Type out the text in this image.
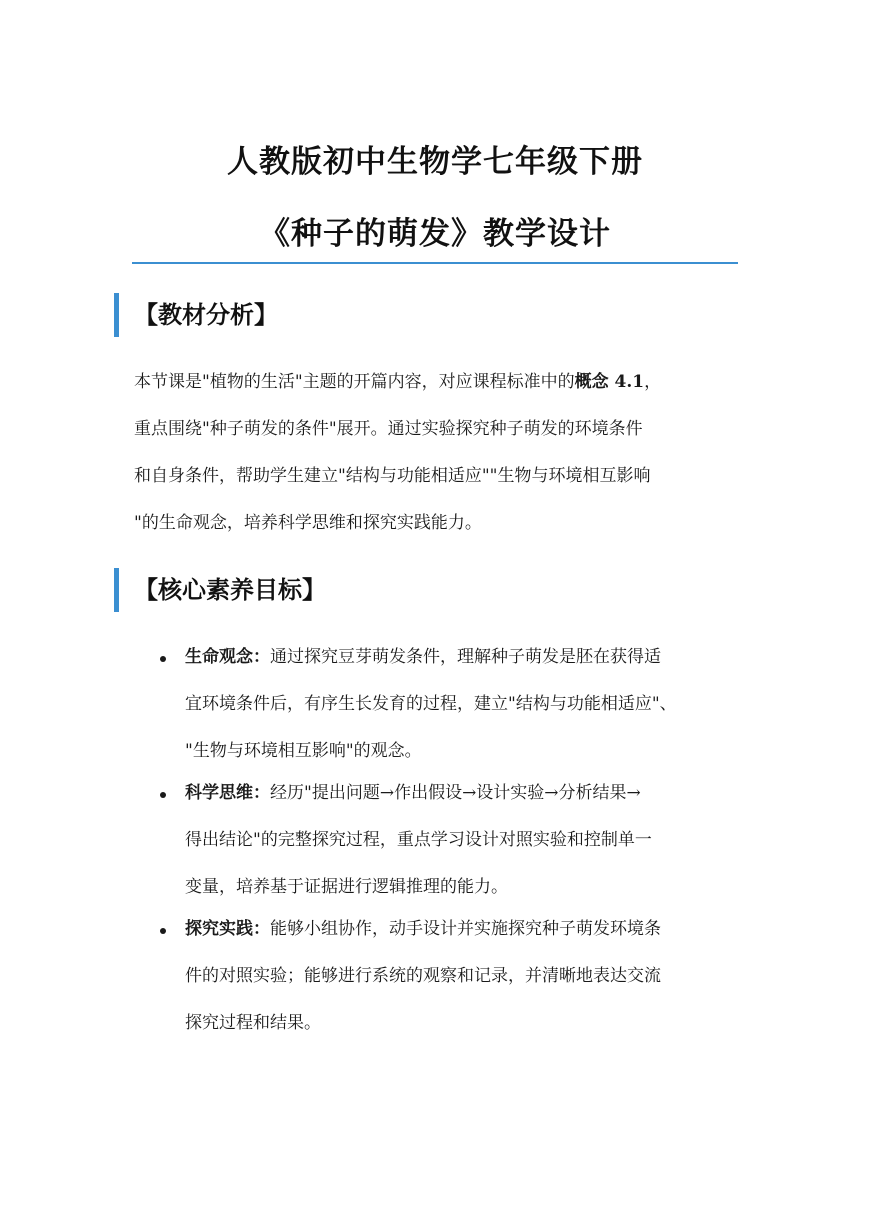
人教版初中生物学七年级下册
《种子的萌发》教学设计
【教材分析】
本节课是"植物的生活"主题的开篇内容，对应课程标准中的概念 4.1，
重点围绕"种子萌发的条件"展开。通过实验探究种子萌发的环境条件
和自身条件，帮助学生建立"结构与功能相适应""生物与环境相互影响
"的生命观念，培养科学思维和探究实践能力。
【核心素养目标】
生命观念：通过探究豆芽萌发条件，理解种子萌发是胚在获得适
宜环境条件后，有序生长发育的过程，建立"结构与功能相适应"、
"生物与环境相互影响"的观念。
科学思维：经历"提出问题→作出假设→设计实验→分析结果→
得出结论"的完整探究过程，重点学习设计对照实验和控制单一
变量，培养基于证据进行逻辑推理的能力。
探究实践：能够小组协作，动手设计并实施探究种子萌发环境条
件的对照实验；能够进行系统的观察和记录，并清晰地表达交流
探究过程和结果。
